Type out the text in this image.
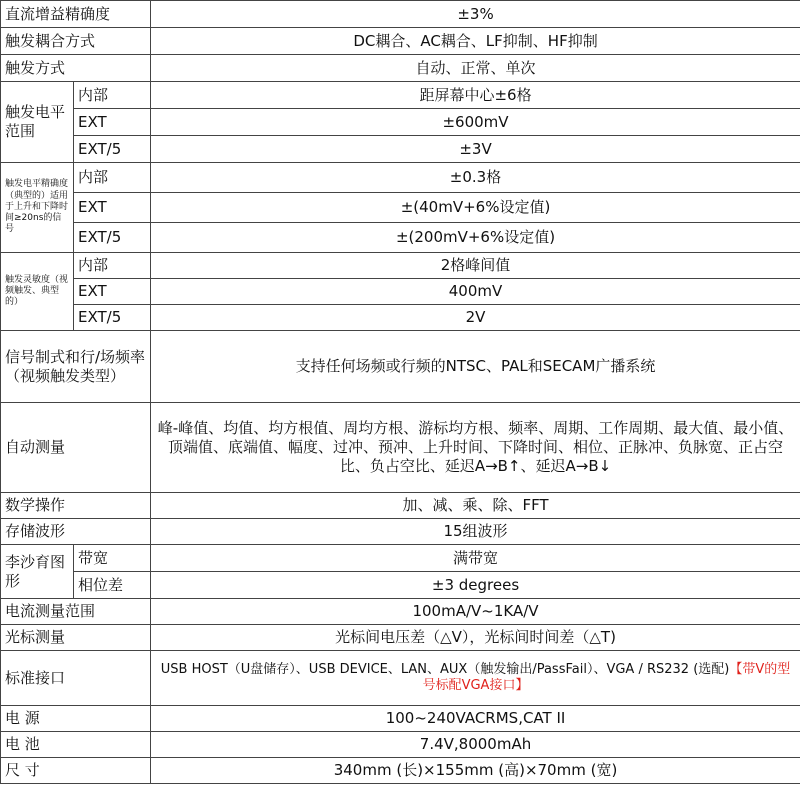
直流增益精确度		±3%
触发耦合方式		DC耦合、AC耦合、LF抑制、HF抑制
触发方式		自动、正常、单次
触发电平范围	内部	距屏幕中心±6格
	EXT	±600mV
	EXT/5	±3V
触发电平精确度（典型的）适用于上升和下降时间≥20ns的信号	内部	±0.3格
	EXT	±(40mV+6%设定值)
	EXT/5	±(200mV+6%设定值)
触发灵敏度（视频触发、典型的）	内部	2格峰间值
	EXT	400mV
	EXT/5	2V
信号制式和行/场频率（视频触发类型）		支持任何场频或行频的NTSC、PAL和SECAM广播系统
自动测量		峰-峰值、均值、均方根值、周均方根、游标均方根、频率、周期、工作周期、最大值、最小值、顶端值、底端值、幅度、过冲、预冲、上升时间、下降时间、相位、正脉冲、负脉宽、正占空比、负占空比、延迟A→B↑、延迟A→B↓
数学操作		加、减、乘、除、FFT
存储波形		15组波形
李沙育图形	带宽	满带宽
	相位差	±3 degrees
电流测量范围		100mA/V~1KA/V
光标测量		光标间电压差（△V），光标间时间差（△T)
标准接口		USB HOST（U盘储存）、USB DEVICE、LAN、AUX（触发输出/PassFail）、VGA / RS232 (选配)【带V的型号标配VGA接口】
电 源		100~240VACRMS,CAT II
电 池		7.4V,8000mAh
尺 寸		340mm (长)×155mm (高)×70mm (宽)
